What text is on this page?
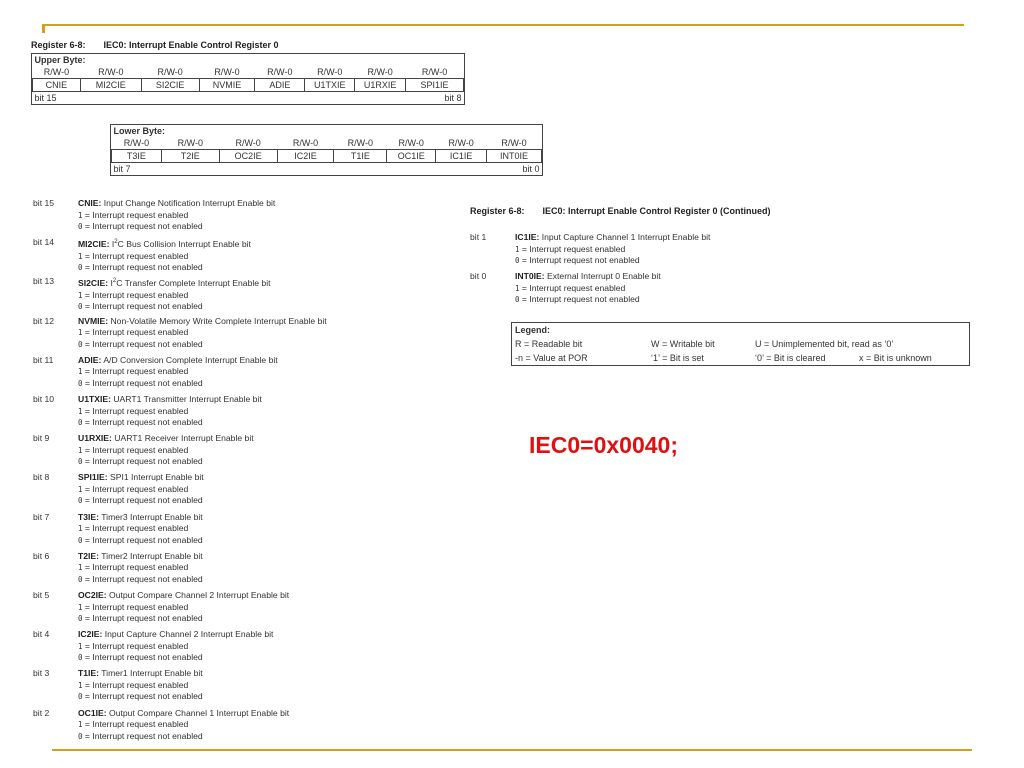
Register 6-8: IEC0: Interrupt Enable Control Register 0
Upper Byte:							
R/W-0	R/W-0	R/W-0	R/W-0	R/W-0	R/W-0	R/W-0	R/W-0
CNIE	MI2CIE	SI2CIE	NVMIE	ADIE	U1TXIE	U1RXIE	SPI1IE
bit 15 bit 8							
Lower Byte:							
R/W-0	R/W-0	R/W-0	R/W-0	R/W-0	R/W-0	R/W-0	R/W-0
T3IE	T2IE	OC2IE	IC2IE	T1IE	OC1IE	IC1IE	INT0IE
bit 7 bit 0							
bit 15	CNIE: Input Change Notification Interrupt Enable bit
1 = Interrupt request enabled
0 = Interrupt request not enabled
bit 14	MI2CIE: $I^2C$ Bus Collision Interrupt Enable bit
1 = Interrupt request enabled
0 = Interrupt request not enabled
bit 13	SI2CIE: $I^2C$ Transfer Complete Interrupt Enable bit
1 = Interrupt request enabled
0 = Interrupt request not enabled
bit 12	NVMIE: Non-Volatile Memory Write Complete Interrupt Enable bit
1 = Interrupt request enabled
0 = Interrupt request not enabled
bit 11	ADIE: A/D Conversion Complete Interrupt Enable bit
1 = Interrupt request enabled
0 = Interrupt request not enabled
bit 10	U1TXIE: UART1 Transmitter Interrupt Enable bit
1 = Interrupt request enabled
0 = Interrupt request not enabled
bit 9	U1RXIE: UART1 Receiver Interrupt Enable bit
1 = Interrupt request enabled
0 = Interrupt request not enabled
bit 8	SPI1IE: SPI1 Interrupt Enable bit
1 = Interrupt request enabled
0 = Interrupt request not enabled
bit 7	T3IE: Timer3 Interrupt Enable bit
1 = Interrupt request enabled
0 = Interrupt request not enabled
bit 6	T2IE: Timer2 Interrupt Enable bit
1 = Interrupt request enabled
0 = Interrupt request not enabled
bit 5	OC2IE: Output Compare Channel 2 Interrupt Enable bit
1 = Interrupt request enabled
0 = Interrupt request not enabled
bit 4	IC2IE: Input Capture Channel 2 Interrupt Enable bit
1 = Interrupt request enabled
0 = Interrupt request not enabled
bit 3	T1IE: Timer1 Interrupt Enable bit
1 = Interrupt request enabled
0 = Interrupt request not enabled
bit 2	OC1IE: Output Compare Channel 1 Interrupt Enable bit
1 = Interrupt request enabled
0 = Interrupt request not enabled
Register 6-8: IEC0: Interrupt Enable Control Register 0 (Continued)
bit 1	IC1IE: Input Capture Channel 1 Interrupt Enable bit
1 = Interrupt request enabled
0 = Interrupt request not enabled
bit 0	INT0IE: External Interrupt 0 Enable bit
1 = Interrupt request enabled
0 = Interrupt request not enabled
Legend:			
R = Readable bit	W = Writable bit	U = Unimplemented bit, read as ‘0’	
-n = Value at POR	‘1’ = Bit is set	‘0’ = Bit is cleared	x = Bit is unknown
IEC0=0x0040;
